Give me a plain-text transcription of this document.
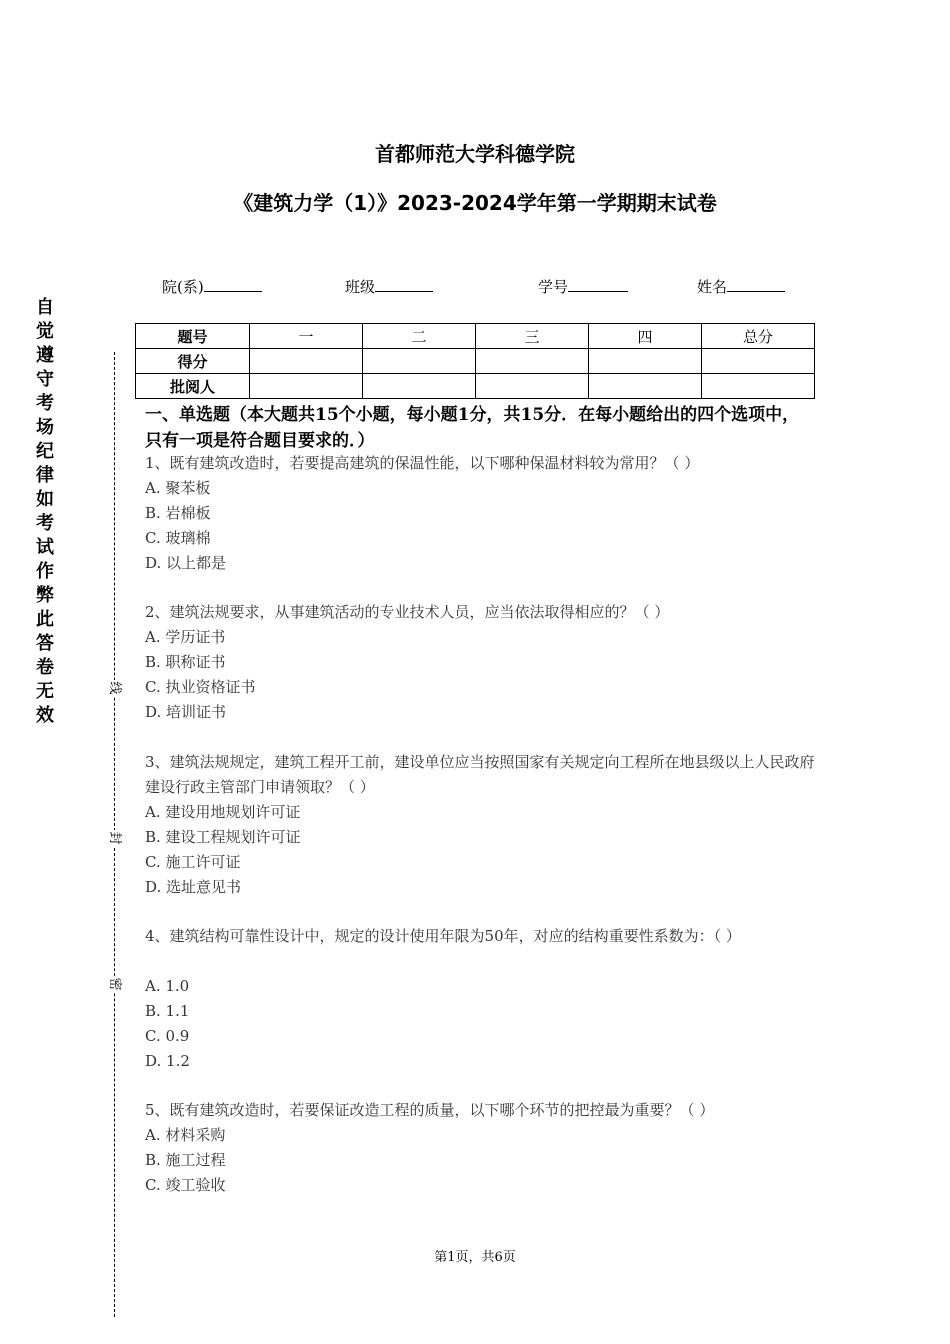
首都师范大学科德学院
《建筑力学（1）》2023-2024学年第一学期期末试卷
院(系)	班级	学号	姓名
题号	一	二	三	四	总分
得分					
批阅人					
自
觉
遵
守
考
场
纪
律
如
考
试
作
弊
此
答
卷
无
效
线
封
密
一、单选题（本大题共15个小题，每小题1分，共15分．在每小题给出的四个选项中，只有一项是符合题目要求的．）
1、既有建筑改造时，若要提高建筑的保温性能，以下哪种保温材料较为常用？（ ）
A. 聚苯板
B. 岩棉板
C. 玻璃棉
D. 以上都是
2、建筑法规要求，从事建筑活动的专业技术人员，应当依法取得相应的？（ ）
A. 学历证书
B. 职称证书
C. 执业资格证书
D. 培训证书
3、建筑法规规定，建筑工程开工前，建设单位应当按照国家有关规定向工程所在地县级以上人民政府建设行政主管部门申请领取？（ ）
A. 建设用地规划许可证
B. 建设工程规划许可证
C. 施工许可证
D. 选址意见书
4、建筑结构可靠性设计中，规定的设计使用年限为50年，对应的结构重要性系数为：（ ）
A. 1.0
B. 1.1
C. 0.9
D. 1.2
5、既有建筑改造时，若要保证改造工程的质量，以下哪个环节的把控最为重要？（ ）
A. 材料采购
B. 施工过程
C. 竣工验收
第1页，共6页
